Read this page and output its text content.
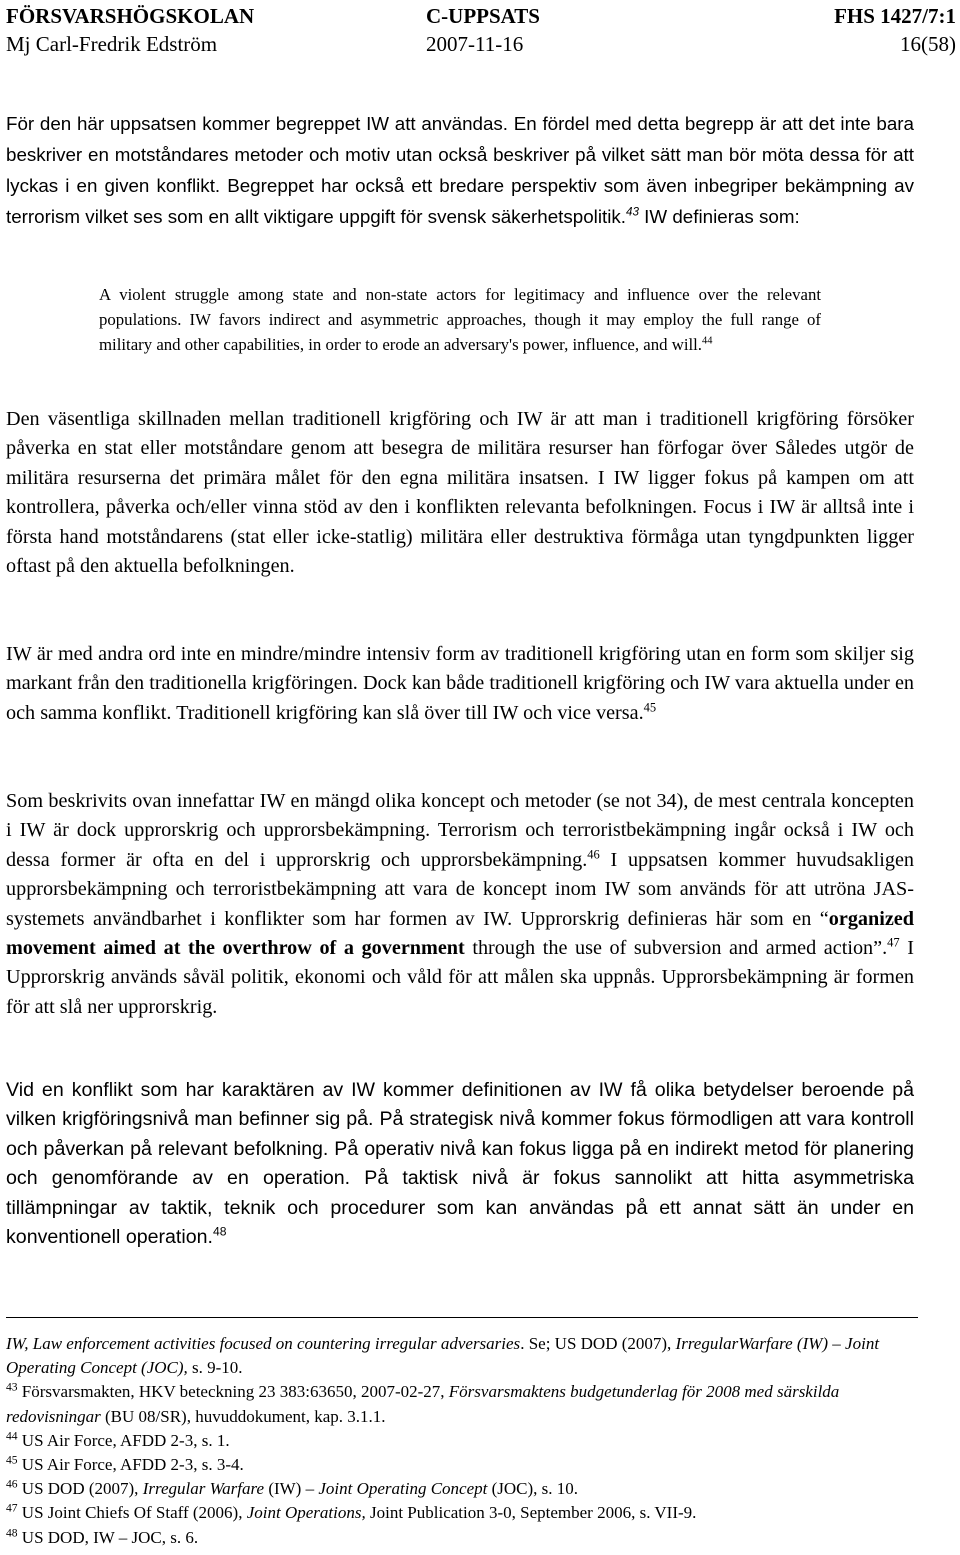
FÖRSVARSHÖGSKOLAN	C-UPPSATS	FHS 1427/7:1
Mj Carl-Fredrik Edström	2007-11-16	16(58)

För den här uppsatsen kommer begreppet IW att användas. En fördel med detta begrepp är att det inte bara beskriver en motståndares metoder och motiv utan också beskriver på vilket sätt man bör möta dessa för att lyckas i en given konflikt. Begreppet har också ett bredare perspektiv som även inbegriper bekämpning av terrorism vilket ses som en allt viktigare uppgift för svensk säkerhetspolitik.$^{43}$ IW definieras som:

A violent struggle among state and non-state actors for legitimacy and influence over the relevant populations. IW favors indirect and asymmetric approaches, though it may employ the full range of military and other capabilities, in order to erode an adversary's power, influence, and will.$^{44}$

Den väsentliga skillnaden mellan traditionell krigföring och IW är att man i traditionell krigföring försöker påverka en stat eller motståndare genom att besegra de militära resurser han förfogar över Således utgör de militära resurserna det primära målet för den egna militära insatsen. I IW ligger fokus på kampen om att kontrollera, påverka och/eller vinna stöd av den i konflikten relevanta befolkningen. Focus i IW är alltså inte i första hand motståndarens (stat eller icke-statlig) militära eller destruktiva förmåga utan tyngdpunkten ligger oftast på den aktuella befolkningen.

IW är med andra ord inte en mindre/mindre intensiv form av traditionell krigföring utan en form som skiljer sig markant från den traditionella krigföringen. Dock kan både traditionell krigföring och IW vara aktuella under en och samma konflikt. Traditionell krigföring kan slå över till IW och vice versa.$^{45}$

Som beskrivits ovan innefattar IW en mängd olika koncept och metoder (se not 34), de mest centrala koncepten i IW är dock upprorskrig och upprorsbekämpning. Terrorism och terroristbekämpning ingår också i IW och dessa former är ofta en del i upprorskrig och upprorsbekämpning.$^{46}$ I uppsatsen kommer huvudsakligen upprorsbekämpning och terroristbekämpning att vara de koncept inom IW som används för att utröna JAS-systemets användbarhet i konflikter som har formen av IW. Upprorskrig definieras här som en “organized movement aimed at the overthrow of a government through the use of subversion and armed action”.$^{47}$ I Upprorskrig används såväl politik, ekonomi och våld för att målen ska uppnås. Upprorsbekämpning är formen för att slå ner upprorskrig.

Vid en konflikt som har karaktären av IW kommer definitionen av IW få olika betydelser beroende på vilken krigföringsnivå man befinner sig på. På strategisk nivå kommer fokus förmodligen att vara kontroll och påverkan på relevant befolkning. På operativ nivå kan fokus ligga på en indirekt metod för planering och genomförande av en operation. På taktisk nivå är fokus sannolikt att hitta asymmetriska tillämpningar av taktik, teknik och procedurer som kan användas på ett annat sätt än under en konventionell operation.$^{48}$

IW, Law enforcement activities focused on countering irregular adversaries. Se; US DOD (2007), IrregularWarfare (IW) – Joint Operating Concept (JOC), s. 9-10.

$^{43}$ Försvarsmakten, HKV beteckning 23 383:63650, 2007-02-27, Försvarsmaktens budgetunderlag för 2008 med särskilda redovisningar (BU 08/SR), huvuddokument, kap. 3.1.1.

$^{44}$ US Air Force, AFDD 2-3, s. 1.

$^{45}$ US Air Force, AFDD 2-3, s. 3-4.

$^{46}$ US DOD (2007), Irregular Warfare (IW) – Joint Operating Concept (JOC), s. 10.

$^{47}$ US Joint Chiefs Of Staff (2006), Joint Operations, Joint Publication 3-0, September 2006, s. VII-9.

$^{48}$ US DOD, IW – JOC, s. 6.
